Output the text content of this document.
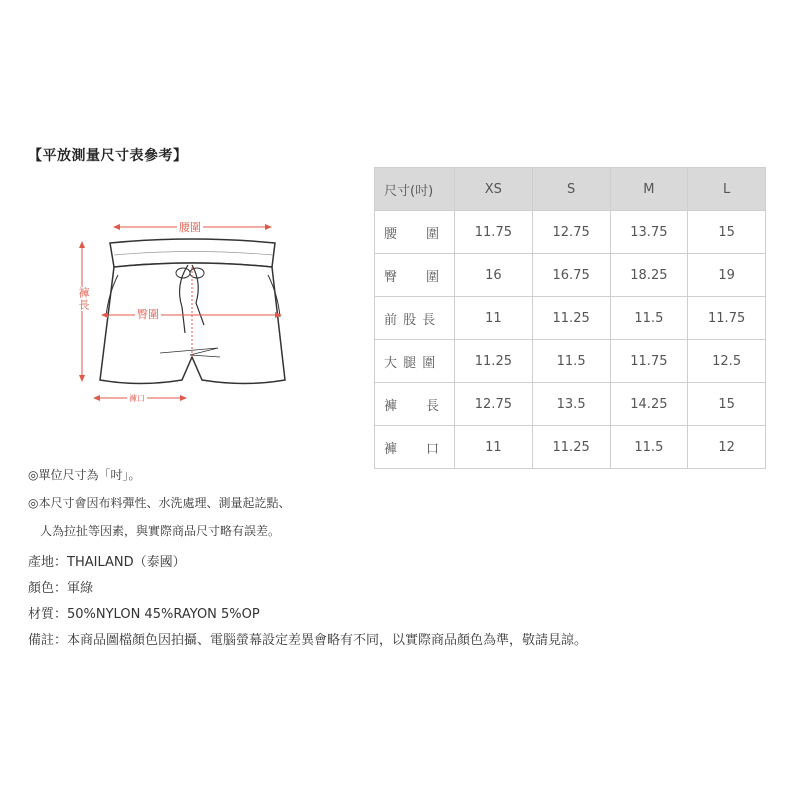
【平放測量尺寸表參考】
腰圍
臀圍
褲長
褲口
尺寸(吋)	XS	S	M	L
腰　　圍	11.75	12.75	13.75	15
臀　　圍	16	16.75	18.25	19
前 股 長	11	11.25	11.5	11.75
大 腿 圍	11.25	11.5	11.75	12.5
褲　　長	12.75	13.5	14.25	15
褲　　口	11	11.25	11.5	12

◎單位尺寸為「吋」。

◎本尺寸會因布料彈性、水洗處理、測量起訖點、

　人為拉扯等因素，與實際商品尺寸略有誤差。

產地：THAILAND（泰國）

顏色：軍綠

材質：50%NYLON 45%RAYON 5%OP

備註：本商品圖檔顏色因拍攝、電腦螢幕設定差異會略有不同，以實際商品顏色為準，敬請見諒。
